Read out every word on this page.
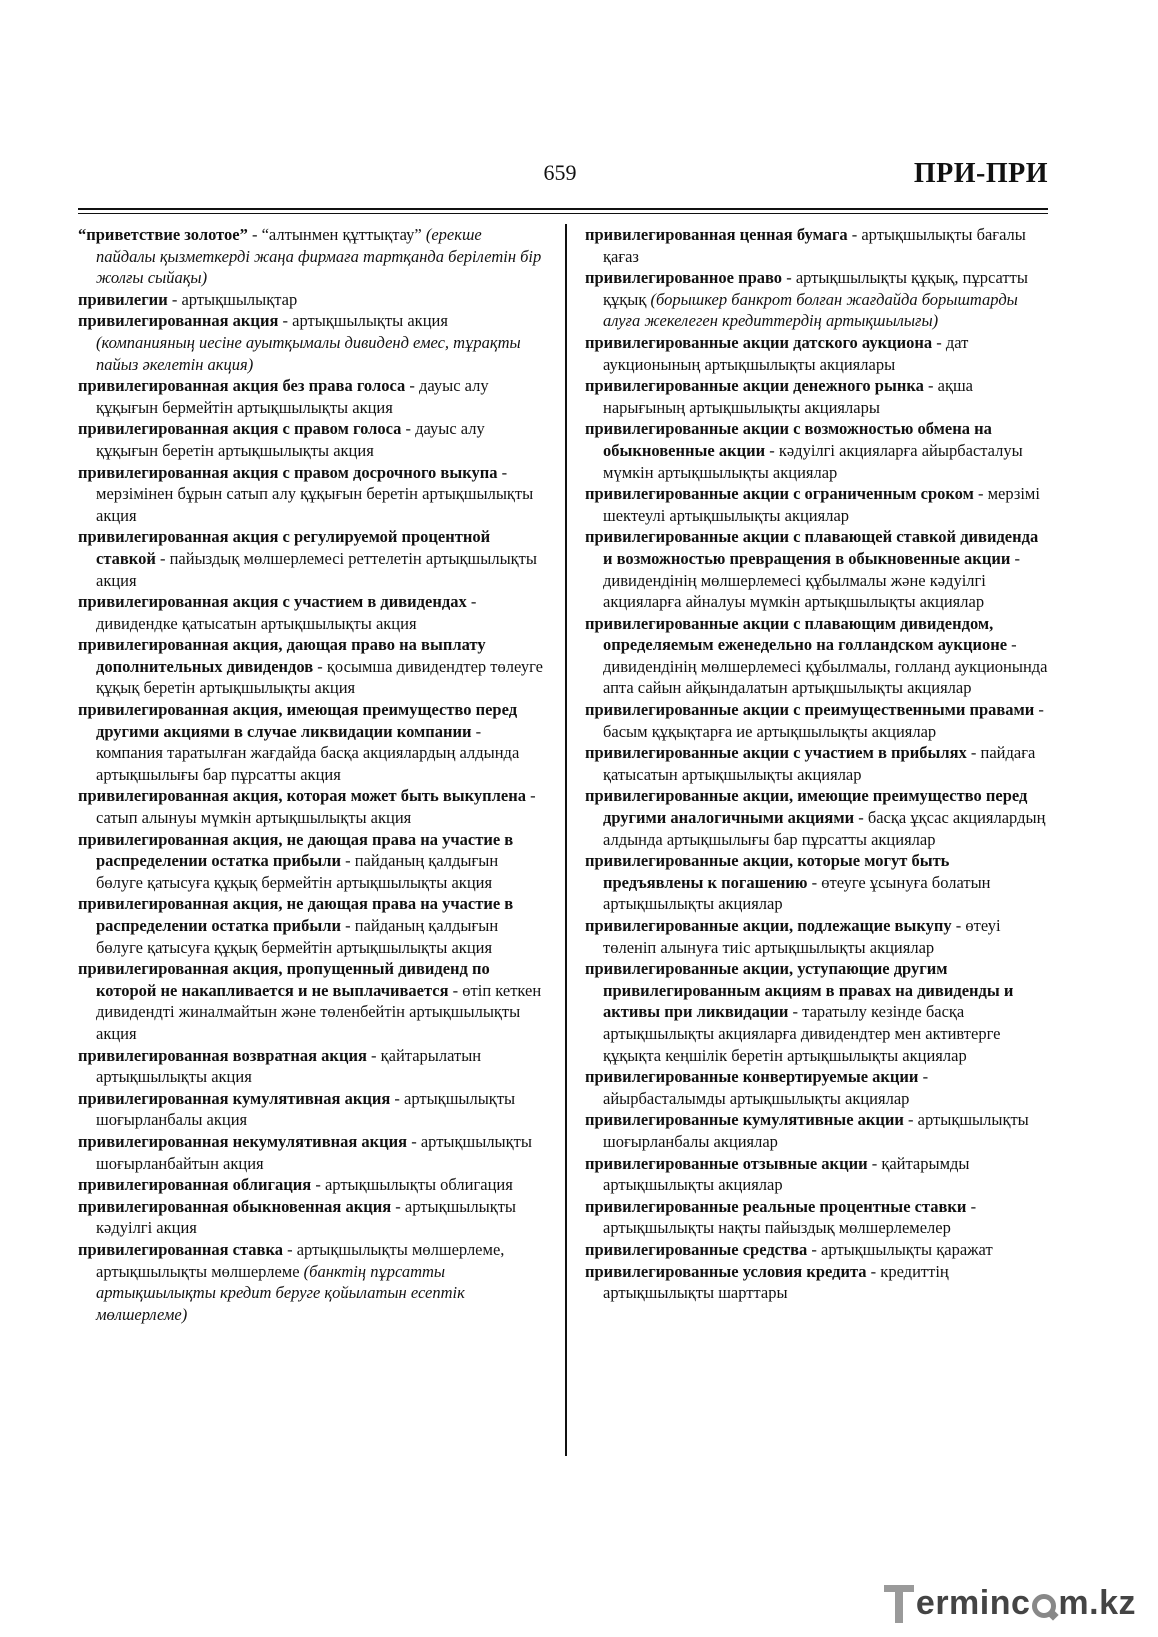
659	ПРИ-ПРИ

“приветствие золотое” - “алтынмен құттықтау” (ерекше пайдалы қызметкерді жаңа фирмаға тартқанда берілетін бір жолғы сыйақы)

привилегии - артықшылықтар

привилегированная акция - артықшылықты акция (компанияның иесіне ауытқымалы дивиденд емес, тұрақты пайыз әкелетін акция)

привилегированная акция без права голоса - дауыс алу құқығын бермейтін артықшылықты акция

привилегированная акция с правом голоса - дауыс алу құқығын беретін артықшылықты акция

привилегированная акция с правом досрочного выкупа - мерзімінен бұрын сатып алу құқығын беретін артықшылықты акция

привилегированная акция с регулируемой процентной ставкой - пайыздық мөлшерлемесі реттелетін артықшылықты акция

привилегированная акция с участием в дивидендах - дивидендке қатысатын артықшылықты акция

привилегированная акция, дающая право на выплату дополнительных дивидендов - қосымша дивидендтер төлеуге құқық беретін артықшылықты акция

привилегированная акция, имеющая преимущество перед другими акциями в случае ликвидации компании - компания таратылған жағдайда басқа акциялардың алдында артықшылығы бар пұрсатты акция

привилегированная акция, которая может быть выкуплена - сатып алынуы мүмкін артықшылықты акция

привилегированная акция, не дающая права на участие в распределении остатка прибыли - пайданың қалдығын бөлуге қатысуға құқық бермейтін артықшылықты акция

привилегированная акция, не дающая права на участие в распределении остатка прибыли - пайданың қалдығын бөлуге қатысуға құқық бермейтін артықшылықты акция

привилегированная акция, пропущенный дивиденд по которой не накапливается и не выплачивается - өтіп кеткен дивидендті жиналмайтын және төленбейтін артықшылықты акция

привилегированная возвратная акция - қайтарылатын артықшылықты акция

привилегированная кумулятивная акция - артықшылықты шоғырланбалы акция

привилегированная некумулятивная акция - артықшылықты шоғырланбайтын акция

привилегированная облигация - артықшылықты облигация

привилегированная обыкновенная акция - артықшылықты кәдуілгі акция

привилегированная ставка - артықшылықты мөлшерлеме, артықшылықты мөлшерлеме (банктің пұрсатты артықшылықты кредит беруге қойылатын есептік мөлшерлеме)

привилегированная ценная бумага - артықшылықты бағалы қағаз

привилегированное право - артықшылықты құқық, пұрсатты құқық (борышкер банкрот болған жағдайда борыштарды алуға жекелеген кредиттердің артықшылығы)

привилегированные акции датского аукциона - дат аукционының артықшылықты акциялары

привилегированные акции денежного рынка - ақша нарығының артықшылықты акциялары

привилегированные акции с возможностью обмена на обыкновенные акции - кәдуілгі акцияларға айырбасталуы мүмкін артықшылықты акциялар

привилегированные акции с ограниченным сроком - мерзімі шектеулі артықшылықты акциялар

привилегированные акции с плавающей ставкой дивиденда и возможностью превращения в обыкновенные акции - дивидендінің мөлшерлемесі құбылмалы және кәдуілгі акцияларға айналуы мүмкін артықшылықты акциялар

привилегированные акции с плавающим дивидендом, определяемым еженедельно на голландском аукционе - дивидендінің мөлшерлемесі құбылмалы, голланд аукционында апта сайын айқындалатын артықшылықты акциялар

привилегированные акции с преимущественными правами - басым құқықтарға ие артықшылықты акциялар

привилегированные акции с участием в прибылях - пайдаға қатысатын артықшылықты акциялар

привилегированные акции, имеющие преимущество перед другими аналогичными акциями - басқа ұқсас акциялардың алдында артықшылығы бар пұрсатты акциялар

привилегированные акции, которые могут быть предъявлены к погашению - өтеуге ұсынуға болатын артықшылықты акциялар

привилегированные акции, подлежащие выкупу - өтеуі төленіп алынуға тиіс артықшылықты акциялар

привилегированные акции, уступающие другим привилегированным акциям в правах на дивиденды и активы при ликвидации - таратылу кезінде басқа артықшылықты акцияларға дивидендтер мен активтерге құқықта кеңшілік беретін артықшылықты акциялар

привилегированные конвертируемые акции - айырбасталымды артықшылықты акциялар

привилегированные кумулятивные акции - артықшылықты шоғырланбалы акциялар

привилегированные отзывные акции - қайтарымды артықшылықты акциялар

привилегированные реальные процентные ставки - артықшылықты нақты пайыздық мөлшерлемелер

привилегированные средства - артықшылықты қаражат

привилегированные условия кредита - кредиттің артықшылықты шарттары

erminc m.kz
